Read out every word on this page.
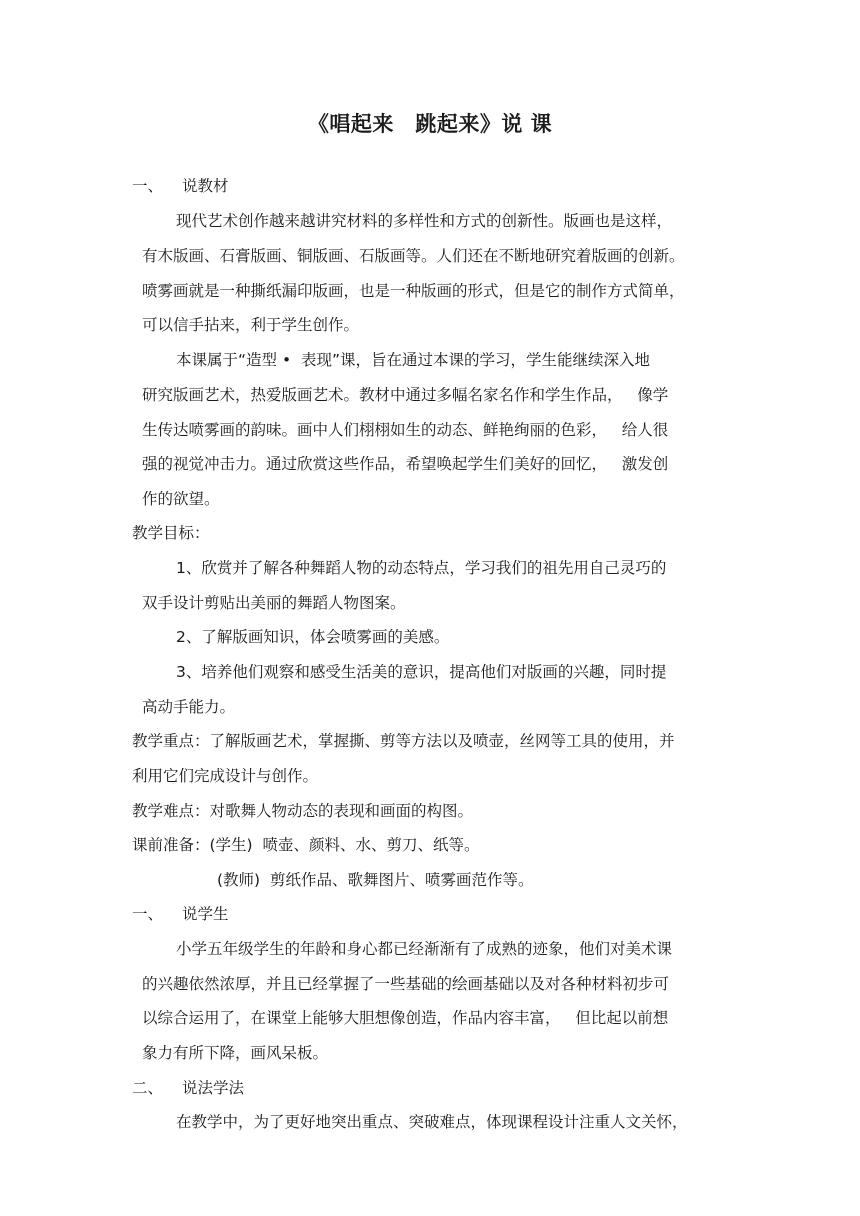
《唱起来　跳起来》说 课
一、 说教材
现代艺术创作越来越讲究材料的多样性和方式的创新性。版画也是这样，
有木版画、石膏版画、铜版画、石版画等。人们还在不断地研究着版画的创新。
喷雾画就是一种撕纸漏印版画，也是一种版画的形式，但是它的制作方式简单，
可以信手拈来，利于学生创作。
本课属于“造型 •  表现”课，旨在通过本课的学习，学生能继续深入地
研究版画艺术，热爱版画艺术。教材中通过多幅名家名作和学生作品，   像学
生传达喷雾画的韵味。画中人们栩栩如生的动态、鲜艳绚丽的色彩，   给人很
强的视觉冲击力。通过欣赏这些作品，希望唤起学生们美好的回忆，   激发创
作的欲望。
教学目标：
1、欣赏并了解各种舞蹈人物的动态特点，学习我们的祖先用自己灵巧的
双手设计剪贴出美丽的舞蹈人物图案。
2、了解版画知识，体会喷雾画的美感。
3、培养他们观察和感受生活美的意识，提高他们对版画的兴趣，同时提
高动手能力。
教学重点：了解版画艺术，掌握撕、剪等方法以及喷壶，丝网等工具的使用，并
利用它们完成设计与创作。
教学难点：对歌舞人物动态的表现和画面的构图。
课前准备：(学生)  喷壶、颜料、水、剪刀、纸等。
(教师)  剪纸作品、歌舞图片、喷雾画范作等。
一、 说学生
小学五年级学生的年龄和身心都已经渐渐有了成熟的迹象，他们对美术课
的兴趣依然浓厚，并且已经掌握了一些基础的绘画基础以及对各种材料初步可
以综合运用了，在课堂上能够大胆想像创造，作品内容丰富，   但比起以前想
象力有所下降，画风呆板。
二、 说法学法
在教学中，为了更好地突出重点、突破难点，体现课程设计注重人文关怀，
